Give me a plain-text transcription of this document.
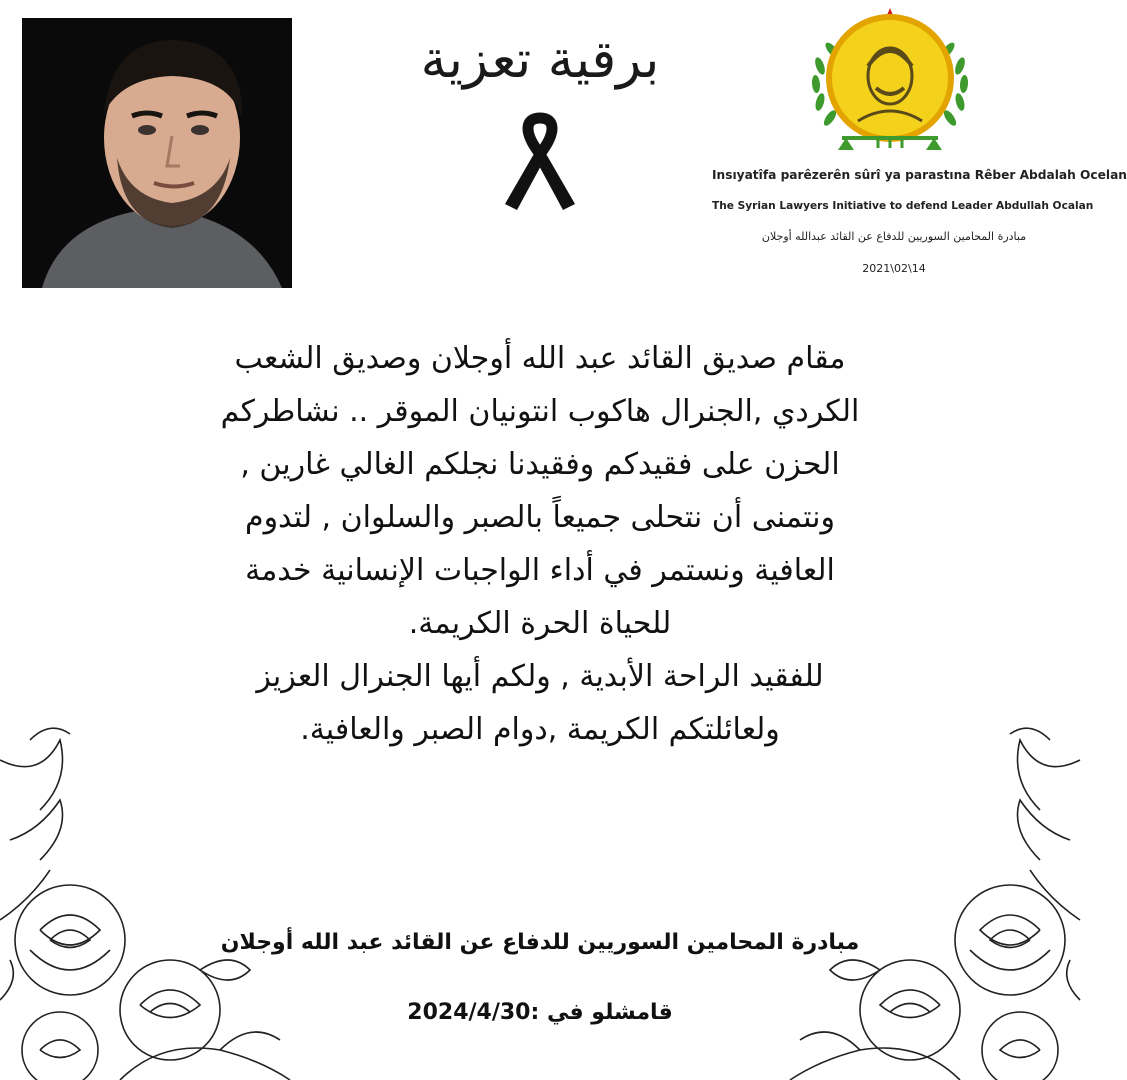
برقية تعزية
Insıyatîfa parêzerên sûrî ya parastına Rêber Abdalah Ocelan
The Syrian Lawyers Initiative to defend Leader Abdullah Ocalan
مبادرة المحامين السوريين للدفاع عن القائد عبدالله أوجلان
2021\02\14
مقام صديق القائد عبد الله أوجلان وصديق الشعب
الكردي ,الجنرال هاكوب انتونيان الموقر .. نشاطركم
الحزن على فقيدكم وفقيدنا نجلكم الغالي غارين ,
ونتمنى أن نتحلى جميعاً بالصبر والسلوان , لتدوم
العافية ونستمر في أداء الواجبات الإنسانية خدمة
للحياة الحرة الكريمة.
للفقيد الراحة الأبدية , ولكم أيها الجنرال العزيز
ولعائلتكم الكريمة ,دوام الصبر والعافية.
مبادرة المحامين السوريين للدفاع عن القائد عبد الله أوجلان
قامشلو في :2024/4/30
